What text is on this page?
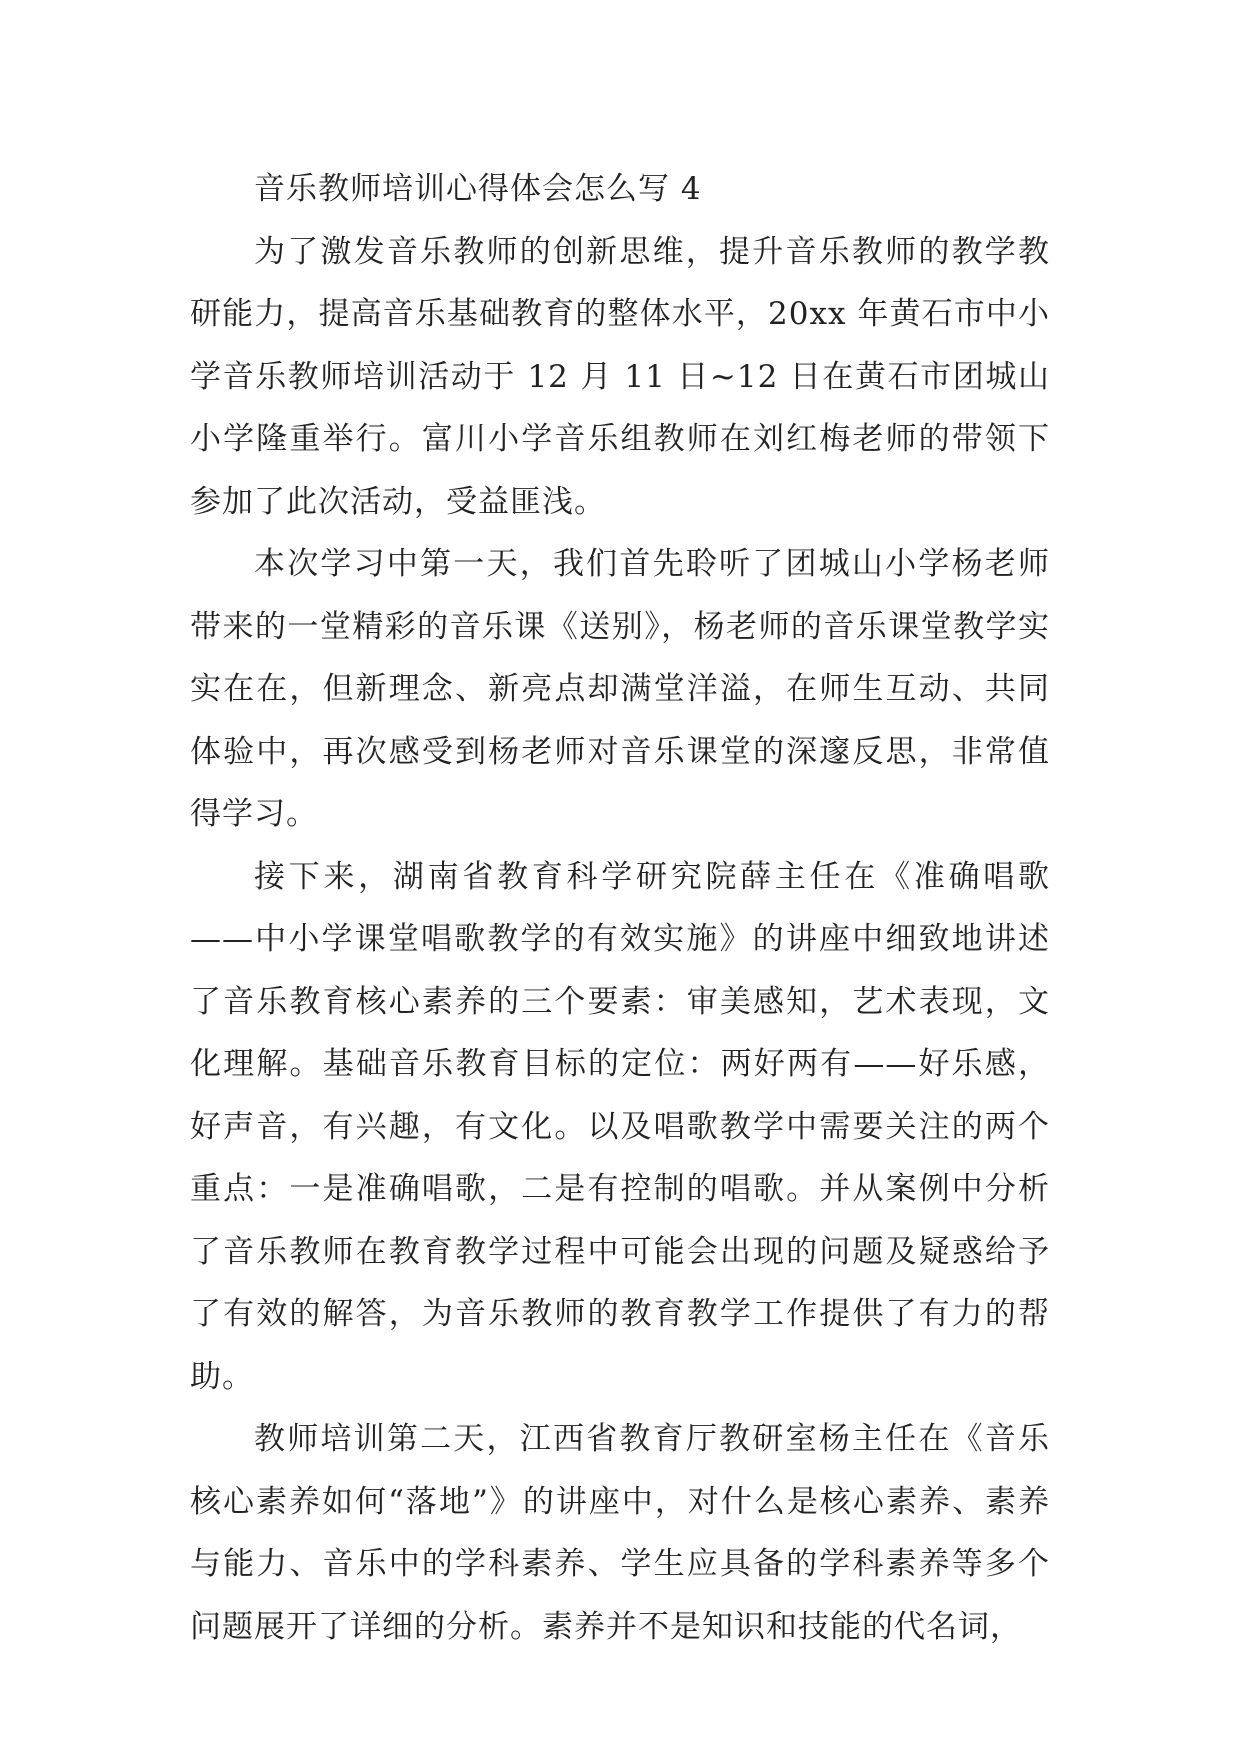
音乐教师培训心得体会怎么写 4

为了激发音乐教师的创新思维，提升音乐教师的教学教研能力，提高音乐基础教育的整体水平，20xx 年黄石市中小学音乐教师培训活动于 12 月 11 日~12 日在黄石市团城山小学隆重举行。富川小学音乐组教师在刘红梅老师的带领下参加了此次活动，受益匪浅。

本次学习中第一天，我们首先聆听了团城山小学杨老师带来的一堂精彩的音乐课《送别》，杨老师的音乐课堂教学实实在在，但新理念、新亮点却满堂洋溢，在师生互动、共同体验中，再次感受到杨老师对音乐课堂的深邃反思，非常值得学习。

接下来，湖南省教育科学研究院薛主任在《准确唱歌——中小学课堂唱歌教学的有效实施》的讲座中细致地讲述了音乐教育核心素养的三个要素：审美感知，艺术表现，文化理解。基础音乐教育目标的定位：两好两有——好乐感，好声音，有兴趣，有文化。以及唱歌教学中需要关注的两个重点：一是准确唱歌，二是有控制的唱歌。并从案例中分析了音乐教师在教育教学过程中可能会出现的问题及疑惑给予了有效的解答，为音乐教师的教育教学工作提供了有力的帮助。

教师培训第二天，江西省教育厅教研室杨主任在《音乐核心素养如何“落地”》的讲座中，对什么是核心素养、素养与能力、音乐中的学科素养、学生应具备的学科素养等多个问题展开了详细的分析。素养并不是知识和技能的代名词，
